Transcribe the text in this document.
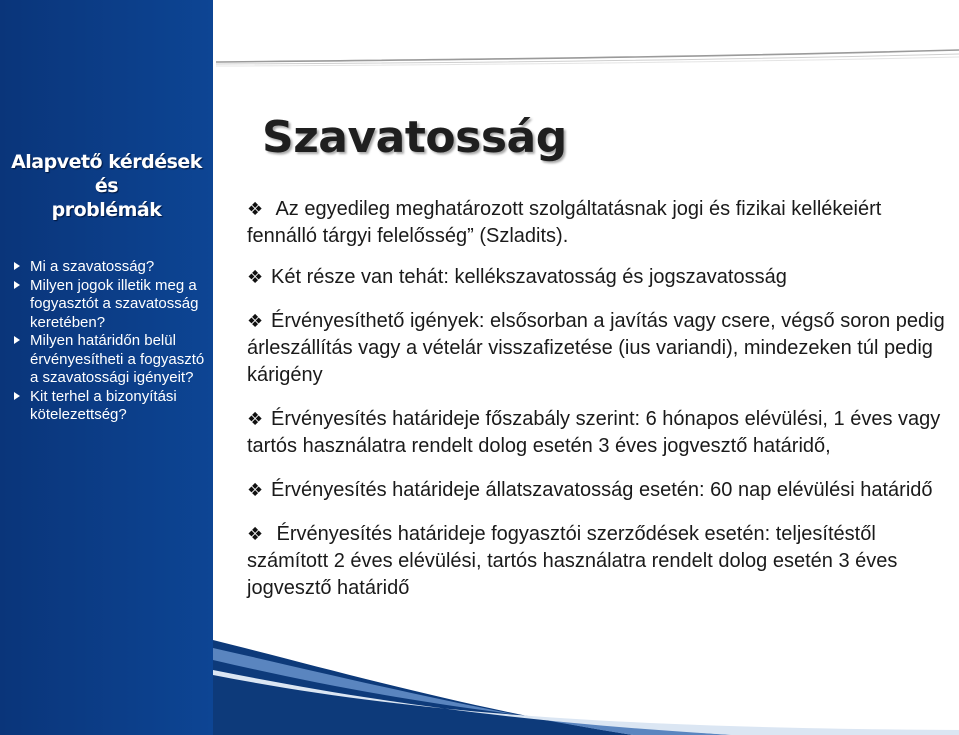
Alapvető kérdések és
problémák
Mi a szavatosság?
Milyen jogok illetik meg a fogyasztót a szavatosság keretében?
Milyen határidőn belül érvényesítheti a fogyasztó a szavatossági igényeit?
Kit terhel a bizonyítási kötelezettség?
Szavatosság

❖ Az egyedileg meghatározott szolgáltatásnak jogi és fizikai kellékeiért fennálló tárgyi felelősség” (Szladits).

❖ Két része van tehát: kellékszavatosság és jogszavatosság

❖ Érvényesíthető igények: elsősorban a javítás vagy csere, végső soron pedig árleszállítás vagy a vételár visszafizetése (ius variandi), mindezeken túl pedig kárigény

❖ Érvényesítés határideje főszabály szerint: 6 hónapos elévülési, 1 éves vagy tartós használatra rendelt dolog esetén 3 éves jogvesztő határidő,

❖ Érvényesítés határideje állatszavatosság esetén: 60 nap elévülési határidő

❖ Érvényesítés határideje fogyasztói szerződések esetén: teljesítéstől számított 2 éves elévülési, tartós használatra rendelt dolog esetén 3 éves jogvesztő határidő
